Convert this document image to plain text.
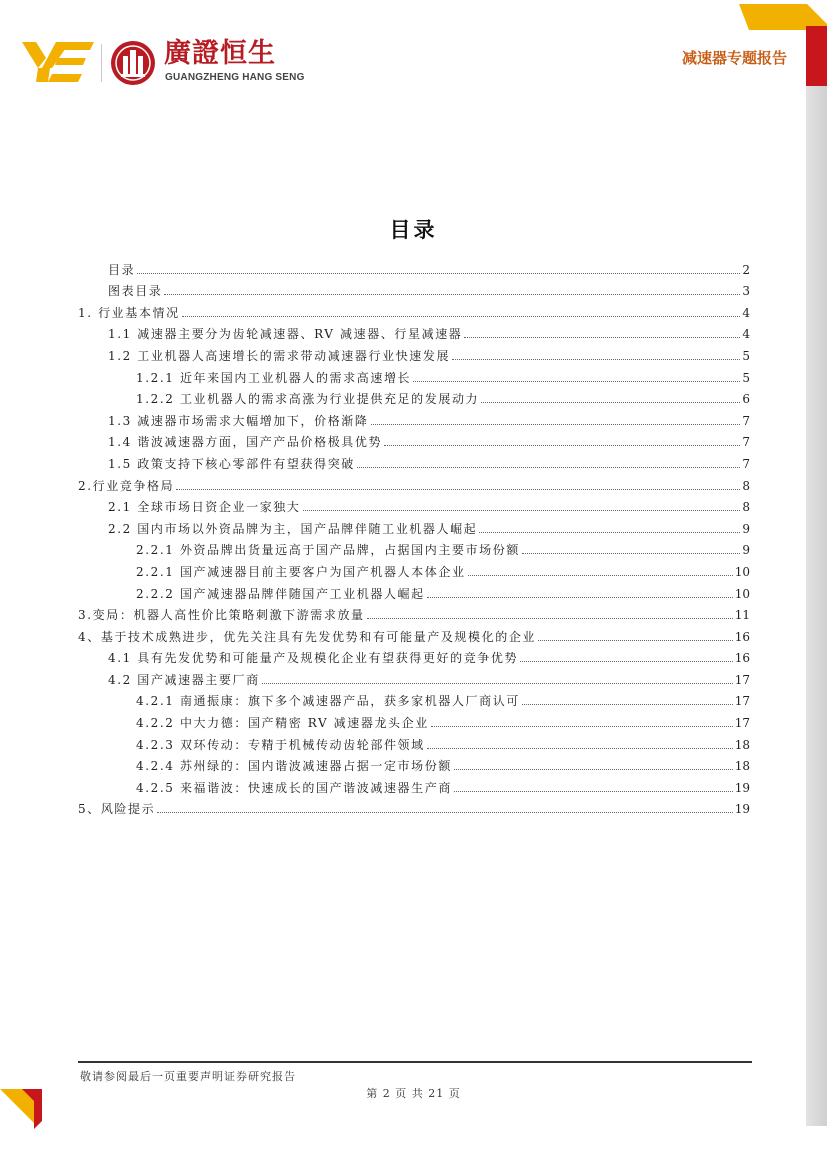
廣證恒生
GUANGZHENG HANG SENG
减速器专题报告
目录
目录	2
图表目录	3
1. 行业基本情况	4
1.1 减速器主要分为齿轮减速器、RV 减速器、行星减速器	4
1.2 工业机器人高速增长的需求带动减速器行业快速发展	5
1.2.1 近年来国内工业机器人的需求高速增长	5
1.2.2 工业机器人的需求高涨为行业提供充足的发展动力	6
1.3 减速器市场需求大幅增加下，价格渐降	7
1.4 谐波减速器方面，国产产品价格极具优势	7
1.5 政策支持下核心零部件有望获得突破	7
2.行业竞争格局	8
2.1 全球市场日资企业一家独大	8
2.2 国内市场以外资品牌为主，国产品牌伴随工业机器人崛起	9
2.2.1 外资品牌出货量远高于国产品牌，占据国内主要市场份额	9
2.2.1 国产减速器目前主要客户为国产机器人本体企业	10
2.2.2 国产减速器品牌伴随国产工业机器人崛起	10
3.变局：机器人高性价比策略刺激下游需求放量	11
4、基于技术成熟进步，优先关注具有先发优势和有可能量产及规模化的企业	16
4.1 具有先发优势和可能量产及规模化企业有望获得更好的竞争优势	16
4.2 国产减速器主要厂商	17
4.2.1 南通振康：旗下多个减速器产品，获多家机器人厂商认可	17
4.2.2 中大力德：国产精密 RV 减速器龙头企业	17
4.2.3 双环传动：专精于机械传动齿轮部件领域	18
4.2.4 苏州绿的：国内谐波减速器占据一定市场份额	18
4.2.5 来福谐波：快速成长的国产谐波减速器生产商	19
5、风险提示	19
敬请参阅最后一页重要声明证券研究报告
第 2 页 共 21 页
